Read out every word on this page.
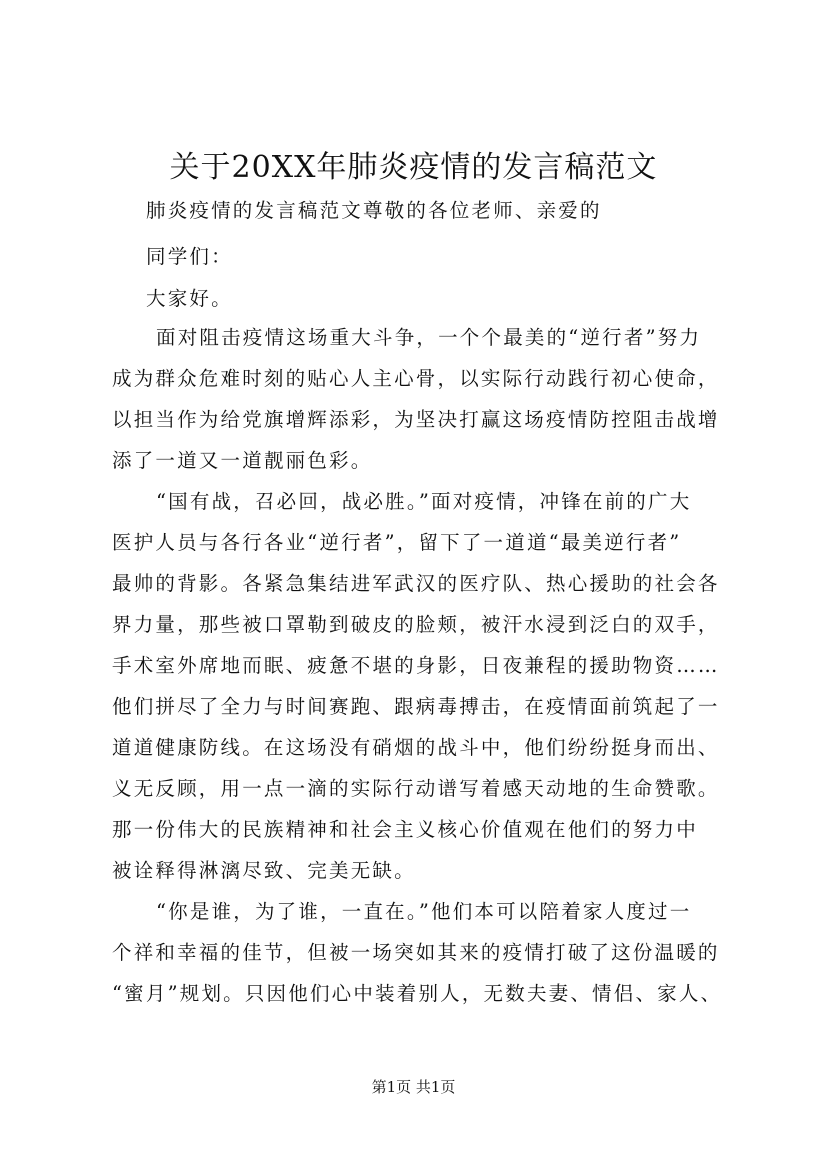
关于20XX年肺炎疫情的发言稿范文
肺炎疫情的发言稿范文尊敬的各位老师、亲爱的
同学们：
大家好。
面对阻击疫情这场重大斗争，一个个最美的“逆行者”努力
成为群众危难时刻的贴心人主心骨，以实际行动践行初心使命，
以担当作为给党旗增辉添彩，为坚决打赢这场疫情防控阻击战增
添了一道又一道靓丽色彩。
“国有战，召必回，战必胜。”面对疫情，冲锋在前的广大
医护人员与各行各业“逆行者”，留下了一道道“最美逆行者”
最帅的背影。各紧急集结进军武汉的医疗队、热心援助的社会各
界力量，那些被口罩勒到破皮的脸颊，被汗水浸到泛白的双手，
手术室外席地而眠、疲惫不堪的身影，日夜兼程的援助物资……
他们拼尽了全力与时间赛跑、跟病毒搏击，在疫情面前筑起了一
道道健康防线。在这场没有硝烟的战斗中，他们纷纷挺身而出、
义无反顾，用一点一滴的实际行动谱写着感天动地的生命赞歌。
那一份伟大的民族精神和社会主义核心价值观在他们的努力中
被诠释得淋漓尽致、完美无缺。
“你是谁，为了谁，一直在。”他们本可以陪着家人度过一
个祥和幸福的佳节，但被一场突如其来的疫情打破了这份温暖的
“蜜月”规划。只因他们心中装着别人，无数夫妻、情侣、家人、
第1页 共1页
